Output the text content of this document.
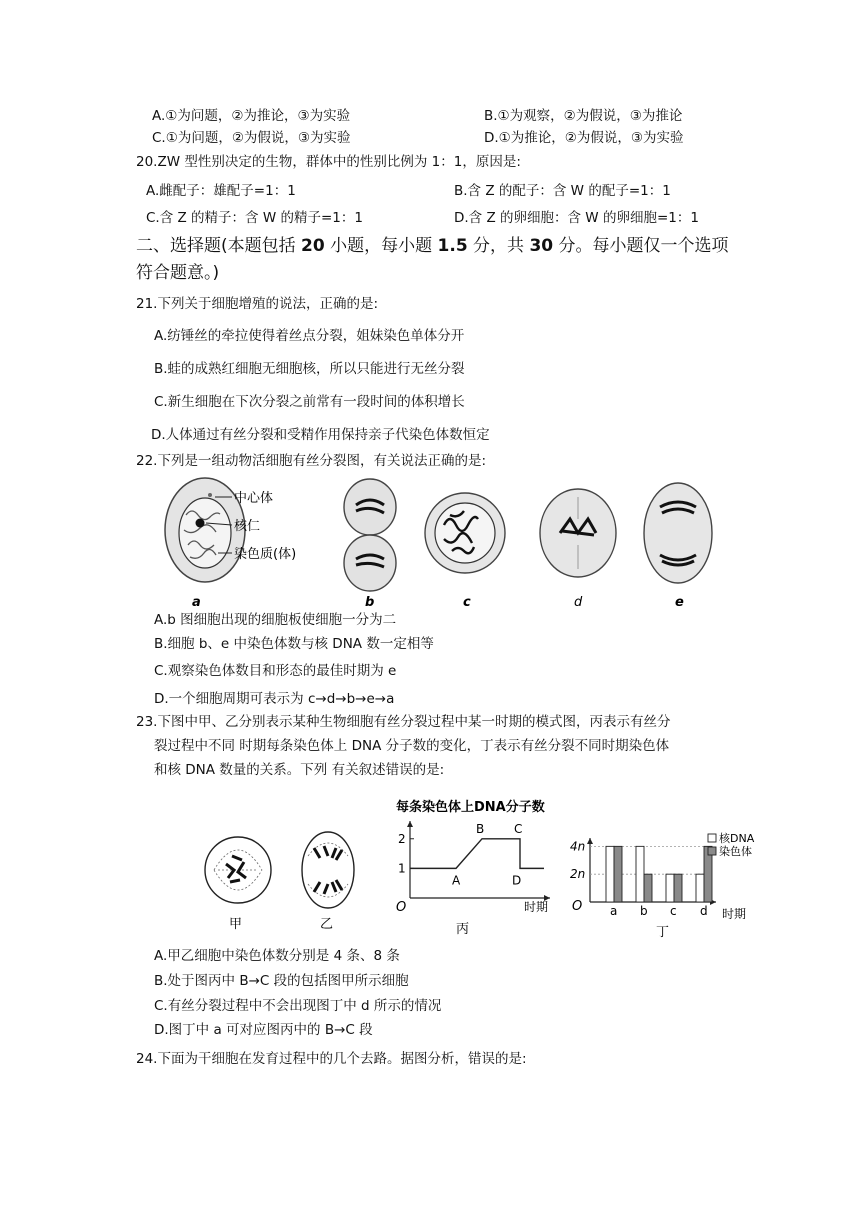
A.①为问题，②为推论，③为实验	B.①为观察，②为假说，③为推论
C.①为问题，②为假说，③为实验	D.①为推论，②为假说，③为实验
20.ZW 型性别决定的生物，群体中的性别比例为 1：1，原因是:
A.雌配子：雄配子=1：1	B.含 Z 的配子：含 W 的配子=1：1
C.含 Z 的精子：含 W 的精子=1：1	D.含 Z 的卵细胞：含 W 的卵细胞=1：1
二、选择题(本题包括 20 小题，每小题 1.5 分，共 30 分。每小题仅一个选项
符合题意。)
21.下列关于细胞增殖的说法，正确的是:
A.纺锤丝的牵拉使得着丝点分裂，姐妹染色单体分开
B.蛙的成熟红细胞无细胞核，所以只能进行无丝分裂
C.新生细胞在下次分裂之前常有一段时间的体积增长
D.人体通过有丝分裂和受精作用保持亲子代染色体数恒定
22.下列是一组动物活细胞有丝分裂图，有关说法正确的是:
中心体
核仁
染色质(体)
a	b	c	d	e
A.b 图细胞出现的细胞板使细胞一分为二
B.细胞 b、e 中染色体数与核 DNA 数一定相等
C.观察染色体数目和形态的最佳时期为 e
D.一个细胞周期可表示为 c→d→b→e→a
23.下图中甲、乙分别表示某种生物细胞有丝分裂过程中某一时期的模式图，丙表示有丝分
裂过程中不同 时期每条染色体上 DNA 分子数的变化，丁表示有丝分裂不同时期染色体
和核 DNA 数量的关系。下列 有关叙述错误的是:
甲	乙
每条染色体上DNA分子数
O	时期
丙
1
2
A
B C
D
O	时期
丁
2n
4n
a b c d
核DNA
染色体
A.甲乙细胞中染色体数分别是 4 条、8 条
B.处于图丙中 B→C 段的包括图甲所示细胞
C.有丝分裂过程中不会出现图丁中 d 所示的情况
D.图丁中 a 可对应图丙中的 B→C 段
24.下面为干细胞在发育过程中的几个去路。据图分析，错误的是:
